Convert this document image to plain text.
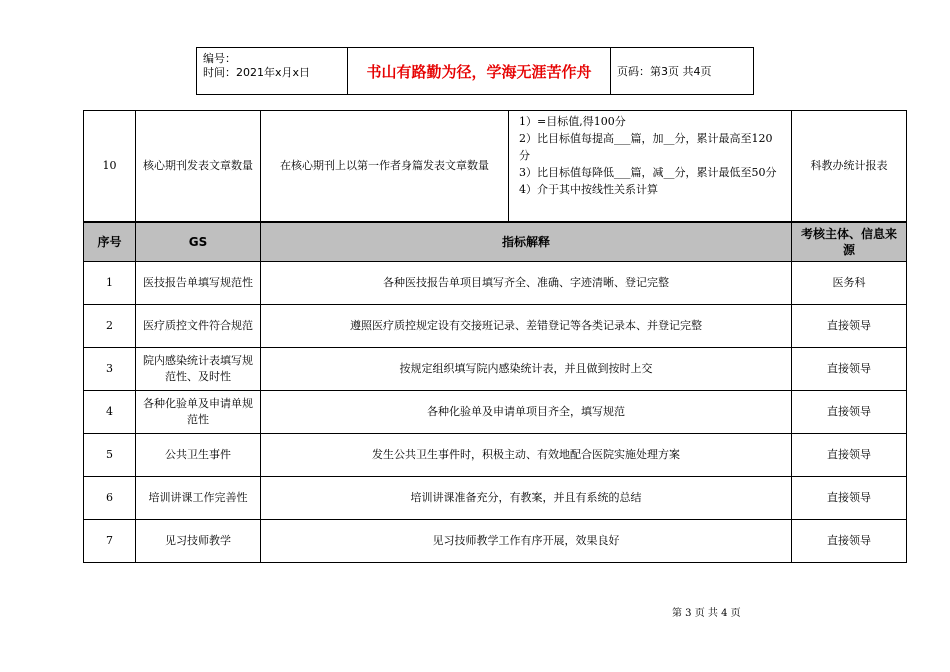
编号：
时间：2021年x月x日	书山有路勤为径，学海无涯苦作舟	页码：第3页 共4页
10	核心期刊发表文章数量	在核心期刊上以第一作者身篇发表文章数量	1）=目标值,得100分
2）比目标值每提高___篇，加__分，累计最高至120分
3）比目标值每降低___篇，减__分，累计最低至50分
4）介于其中按线性关系计算	科教办统计报表
序号	GS	指标解释		考核主体、信息来源
1	医技报告单填写规范性	各种医技报告单项目填写齐全、准确、字迹清晰、登记完整		医务科
2	医疗质控文件符合规范	遵照医疗质控规定设有交接班记录、差错登记等各类记录本、并登记完整		直接领导
3	院内感染统计表填写规范性、及时性	按规定组织填写院内感染统计表，并且做到按时上交		直接领导
4	各种化验单及申请单规范性	各种化验单及申请单项目齐全，填写规范		直接领导
5	公共卫生事件	发生公共卫生事件时，积极主动、有效地配合医院实施处理方案		直接领导
6	培训讲课工作完善性	培训讲课准备充分，有教案，并且有系统的总结		直接领导
7	见习技师教学	见习技师教学工作有序开展，效果良好		直接领导
第 3 页 共 4 页
